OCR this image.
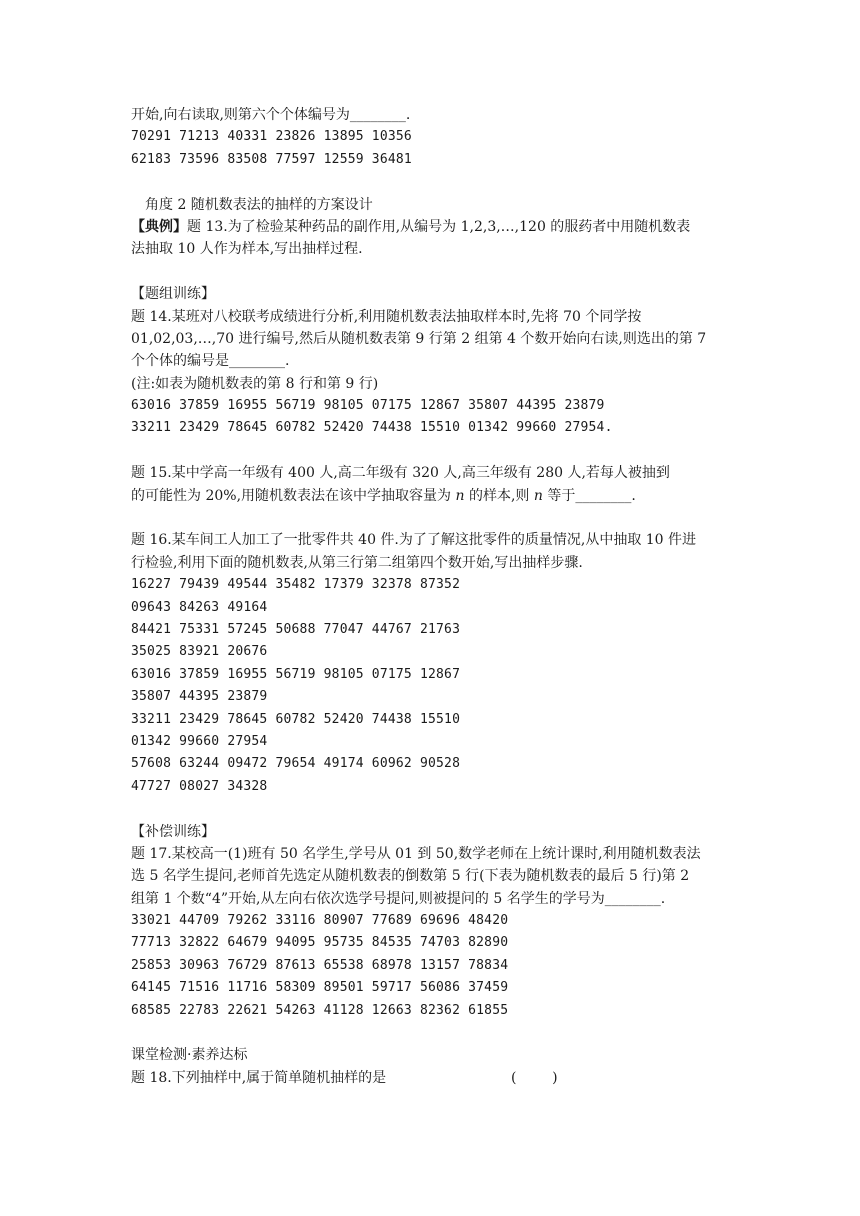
开始,向右读取,则第六个个体编号为________.
70291 71213 40331 23826 13895 10356
62183 73596 83508 77597 12559 36481
角度 2 随机数表法的抽样的方案设计
【典例】题 13.为了检验某种药品的副作用,从编号为 1,2,3,…,120 的服药者中用随机数表
法抽取 10 人作为样本,写出抽样过程.
【题组训练】
题 14.某班对八校联考成绩进行分析,利用随机数表法抽取样本时,先将 70 个同学按
01,02,03,…,70 进行编号,然后从随机数表第 9 行第 2 组第 4 个数开始向右读,则选出的第 7
个个体的编号是________.
(注:如表为随机数表的第 8 行和第 9 行)
63016 37859 16955 56719 98105 07175 12867 35807 44395 23879
33211 23429 78645 60782 52420 74438 15510 01342 99660 27954.
题 15.某中学高一年级有 400 人,高二年级有 320 人,高三年级有 280 人,若每人被抽到
的可能性为 20%,用随机数表法在该中学抽取容量为 n 的样本,则 n 等于________.
题 16.某车间工人加工了一批零件共 40 件.为了了解这批零件的质量情况,从中抽取 10 件进
行检验,利用下面的随机数表,从第三行第二组第四个数开始,写出抽样步骤.
16227 79439 49544 35482 17379 32378 87352
09643 84263 49164
84421 75331 57245 50688 77047 44767 21763
35025 83921 20676
63016 37859 16955 56719 98105 07175 12867
35807 44395 23879
33211 23429 78645 60782 52420 74438 15510
01342 99660 27954
57608 63244 09472 79654 49174 60962 90528
47727 08027 34328
【补偿训练】
题 17.某校高一(1)班有 50 名学生,学号从 01 到 50,数学老师在上统计课时,利用随机数表法
选 5 名学生提问,老师首先选定从随机数表的倒数第 5 行(下表为随机数表的最后 5 行)第 2
组第 1 个数“4”开始,从左向右依次选学号提问,则被提问的 5 名学生的学号为________.
33021 44709 79262 33116 80907 77689 69696 48420
77713 32822 64679 94095 95735 84535 74703 82890
25853 30963 76729 87613 65538 68978 13157 78834
64145 71516 11716 58309 89501 59717 56086 37459
68585 22783 22621 54263 41128 12663 82362 61855
课堂检测·素养达标
题 18.下列抽样中,属于简单随机抽样的是	(        )
